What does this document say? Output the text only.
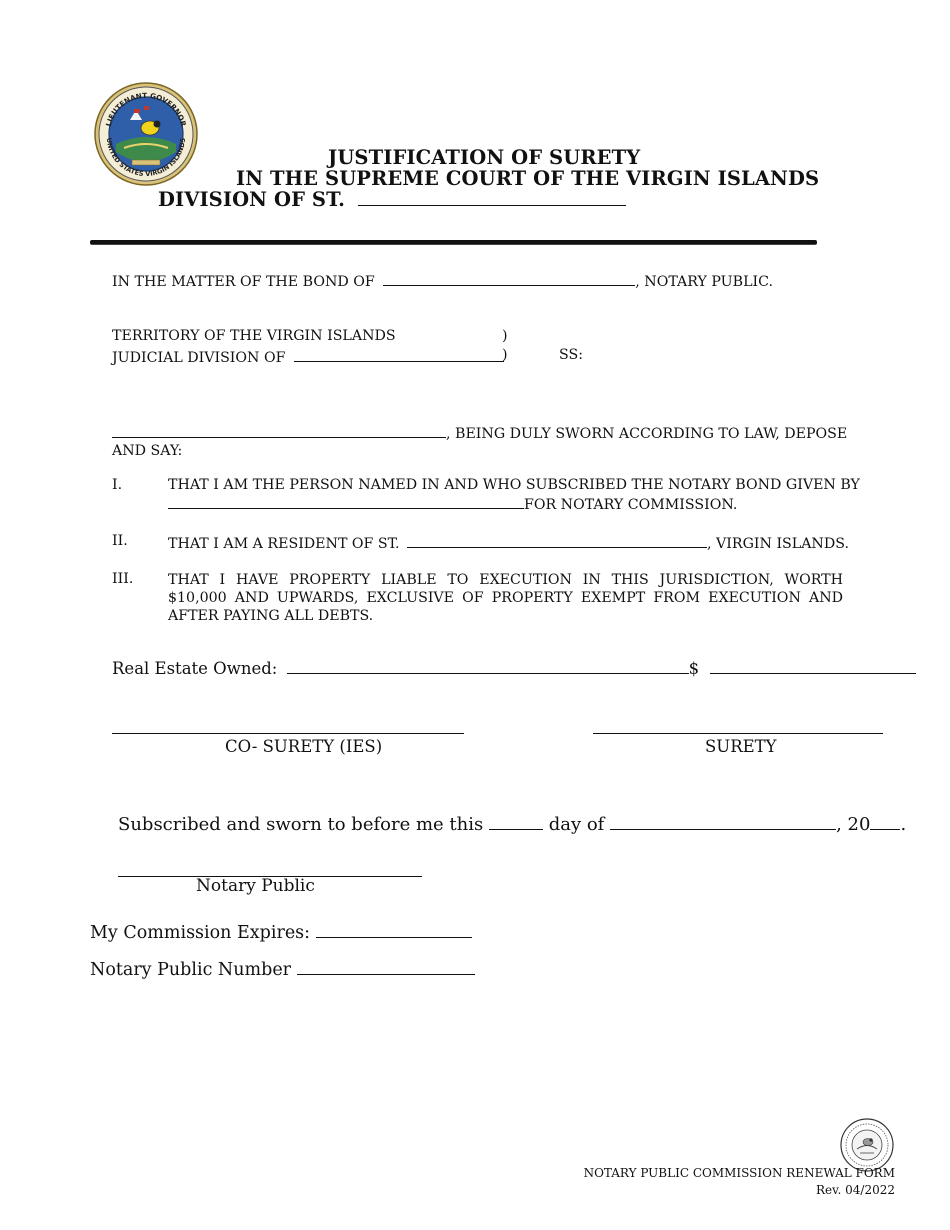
LIEUTENANT GOVERNOR
UNITED STATES VIRGIN ISLANDS
JUSTIFICATION OF SURETY
IN THE SUPREME COURT OF THE VIRGIN ISLANDS
DIVISION OF ST.
IN THE MATTER OF THE BOND OF	, NOTARY PUBLIC.
TERRITORY OF THE VIRGIN ISLANDS
JUDICIAL DIVISION OF
)
)	SS:
, BEING DULY SWORN ACCORDING TO LAW, DEPOSE
AND SAY:
I.	THAT I AM THE PERSON NAMED IN AND WHO SUBSCRIBED THE NOTARY BOND GIVEN BY
FOR NOTARY COMMISSION.
II.	THAT I AM A RESIDENT OF ST.	, VIRGIN ISLANDS.
III. THAT I HAVE PROPERTY LIABLE TO EXECUTION IN THIS JURISDICTION, WORTH $10,000 AND UPWARDS, EXCLUSIVE OF PROPERTY EXEMPT FROM EXECUTION AND AFTER PAYING ALL DEBTS.
Real Estate Owned:	$
CO- SURETY (IES)	SURETY
Subscribed and sworn to before me this	day of	, 20 .
Notary Public
My Commission Expires:
Notary Public Number
NOTARY PUBLIC COMMISSION RENEWAL FORM
Rev. 04/2022
